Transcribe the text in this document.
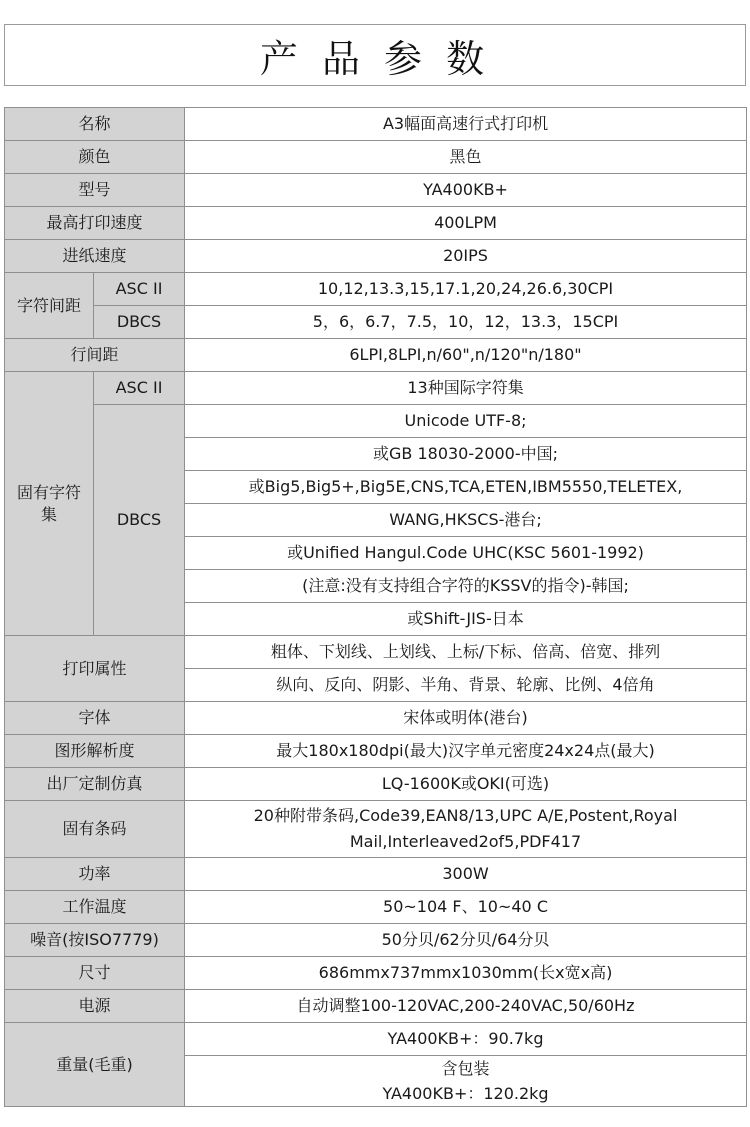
产 品 参 数
名称		A3幅面高速行式打印机
颜色		黑色
型号		YA400KB+
最高打印速度		400LPM
进纸速度		20IPS
字符间距	ASC II	10,12,13.3,15,17.1,20,24,26.6,30CPI
	DBCS	5，6，6.7，7.5，10，12，13.3，15CPI
行间距		6LPI,8LPI,n/60",n/120"n/180"
固有字符集	ASC II	13种国际字符集
	DBCS	Unicode UTF-8;
		或GB 18030-2000-中国;
		或Big5,Big5+,Big5E,CNS,TCA,ETEN,IBM5550,TELETEX,
		WANG,HKSCS-港台;
		或Unified Hangul.Code UHC(KSC 5601-1992)
		(注意:没有支持组合字符的KSSV的指令)-韩国;
		或Shift-JIS-日本
打印属性		粗体、下划线、上划线、上标/下标、倍高、倍宽、排列
		纵向、反向、阴影、半角、背景、轮廓、比例、4倍角
字体		宋体或明体(港台)
图形解析度		最大180x180dpi(最大)汉字单元密度24x24点(最大)
出厂定制仿真		LQ-1600K或OKI(可选)
固有条码		20种附带条码,Code39,EAN8/13,UPC A/E,Postent,Royal
Mail,Interleaved2of5,PDF417

功率		300W
工作温度		50~104 F、10~40 C
噪音(按ISO7779)		50分贝/62分贝/64分贝
尺寸		686mmx737mmx1030mm(长x宽x高)
电源		自动调整100-120VAC,200-240VAC,50/60Hz
重量(毛重)		YA400KB+：90.7kg

		含包装
YA400KB+：120.2kg
